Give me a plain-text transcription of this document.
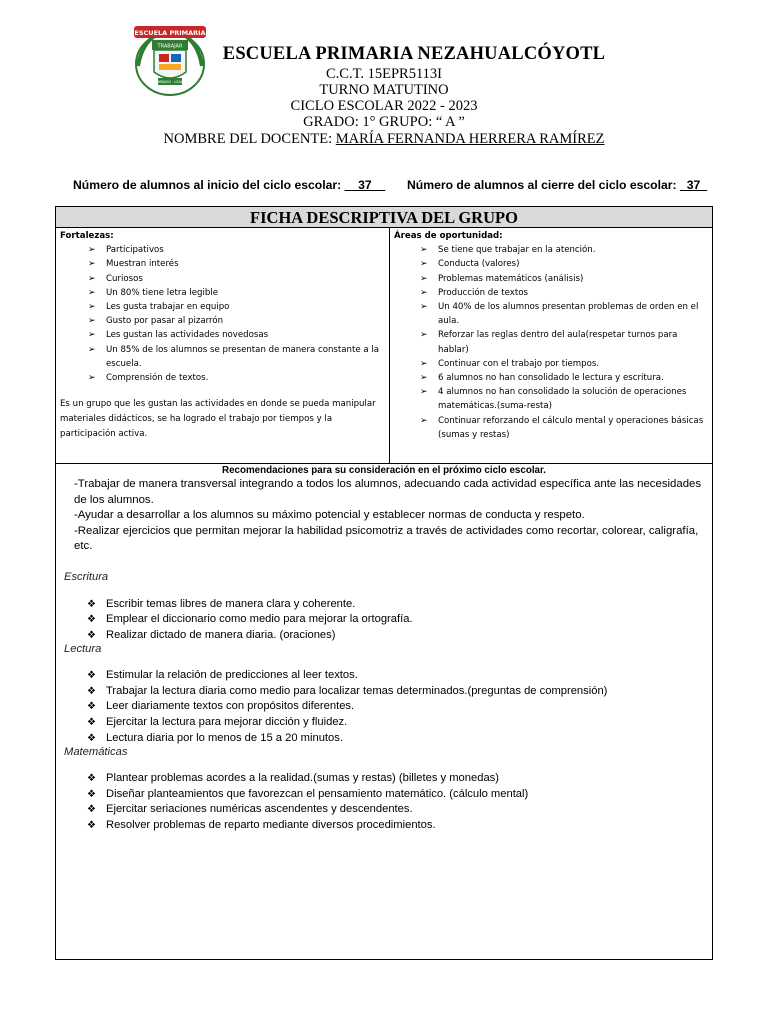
ESCUELA PRIMARIA
TRABAJAR
HONRADO · LEALES
ESCUELA PRIMARIA NEZAHUALCÓYOTL
C.C.T. 15EPR5113I
TURNO MATUTINO
CICLO ESCOLAR 2022 - 2023
GRADO: 1° GRUPO: “ A ”
NOMBRE DEL DOCENTE: MARÍA FERNANDA HERRERA RAMÍREZ
Número de alumnos al inicio del ciclo escolar: __37__ Número de alumnos al cierre del ciclo escolar: _37_
FICHA DESCRIPTIVA DEL GRUPO
Fortalezas:
➢ Participativos
➢ Muestran interés
➢ Curiosos
➢ Un 80% tiene letra legible
➢ Les gusta trabajar en equipo
➢ Gusto por pasar al pizarrón
➢ Les gustan las actividades novedosas
➢ Un 85% de los alumnos se presentan de manera constante a la escuela.
➢ Comprensión de textos.
Es un grupo que les gustan las actividades en donde se pueda manipular materiales didácticos, se ha logrado el trabajo por tiempos y la participación activa.
Áreas de oportunidad:
➢ Se tiene que trabajar en la atención.
➢ Conducta (valores)
➢ Problemas matemáticos (análisis)
➢ Producción de textos
➢ Un 40% de los alumnos presentan problemas de orden en el aula.
➢ Reforzar las reglas dentro del aula(respetar turnos para hablar)
➢ Continuar con el trabajo por tiempos.
➢ 6 alumnos no han consolidado le lectura y escritura.
➢ 4 alumnos no han consolidado la solución de operaciones matemáticas.(suma-resta)
➢ Continuar reforzando el cálculo mental y operaciones básicas (sumas y restas)
Recomendaciones para su consideración en el próximo ciclo escolar.
-Trabajar de manera transversal integrando a todos los alumnos, adecuando cada actividad específica ante las necesidades de los alumnos.
-Ayudar a desarrollar a los alumnos su máximo potencial y establecer normas de conducta y respeto.
-Realizar ejercicios que permitan mejorar la habilidad psicomotriz a través de actividades como recortar, colorear, caligrafía, etc.
Escritura
❖ Escribir temas libres de manera clara y coherente.
❖ Emplear el diccionario como medio para mejorar la ortografía.
❖ Realizar dictado de manera diaria. (oraciones)
Lectura
❖ Estimular la relación de predicciones al leer textos.
❖ Trabajar la lectura diaria como medio para localizar temas determinados.(preguntas de comprensión)
❖ Leer diariamente textos con propósitos diferentes.
❖ Ejercitar la lectura para mejorar dicción y fluidez.
❖ Lectura diaria por lo menos de 15 a 20 minutos.
Matemáticas
❖ Plantear problemas acordes a la realidad.(sumas y restas) (billetes y monedas)
❖ Diseñar planteamientos que favorezcan el pensamiento matemático. (cálculo mental)
❖ Ejercitar seriaciones numéricas ascendentes y descendentes.
❖ Resolver problemas de reparto mediante diversos procedimientos.
